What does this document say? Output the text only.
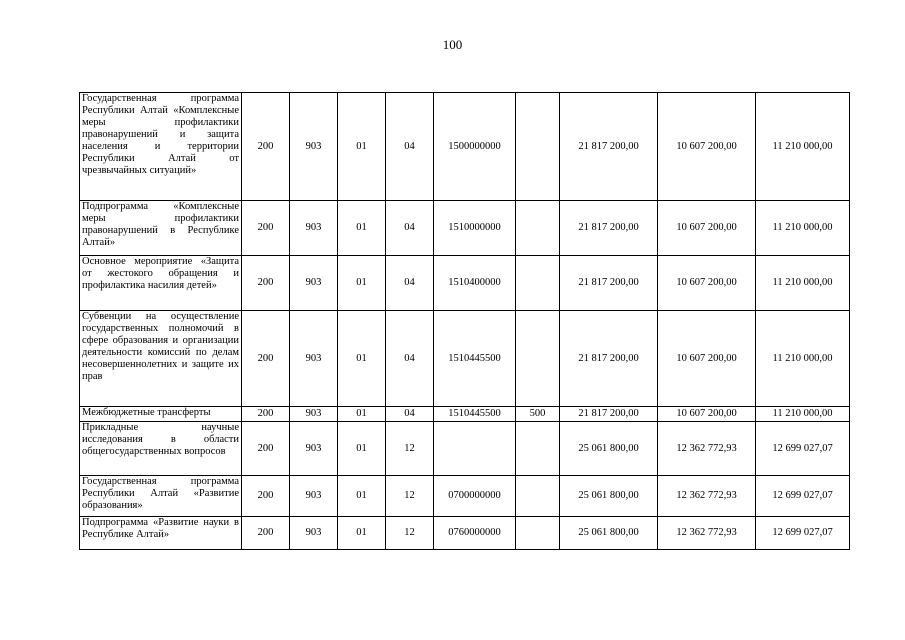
100
Государственная программа Республики Алтай «Комплексные меры профилактики правонарушений и защита населения и территории Республики Алтай от чрезвычайных ситуаций»	200	903	01	04	1500000000		21 817 200,00	10 607 200,00	11 210 000,00
Подпрограмма «Комплексные меры профилактики правонарушений в Республике Алтай»	200	903	01	04	1510000000		21 817 200,00	10 607 200,00	11 210 000,00
Основное мероприятие «Защита от жестокого обращения и профилактика насилия детей»	200	903	01	04	1510400000		21 817 200,00	10 607 200,00	11 210 000,00
Субвенции на осуществление государственных полномочий в сфере образования и организации деятельности комиссий по делам несовершеннолетних и защите их прав	200	903	01	04	1510445500		21 817 200,00	10 607 200,00	11 210 000,00
Межбюджетные трансферты	200	903	01	04	1510445500	500	21 817 200,00	10 607 200,00	11 210 000,00
Прикладные научные исследования в области общегосударственных вопросов	200	903	01	12			25 061 800,00	12 362 772,93	12 699 027,07
Государственная программа Республики Алтай «Развитие образования»	200	903	01	12	0700000000		25 061 800,00	12 362 772,93	12 699 027,07
Подпрограмма «Развитие науки в Республике Алтай»	200	903	01	12	0760000000		25 061 800,00	12 362 772,93	12 699 027,07
